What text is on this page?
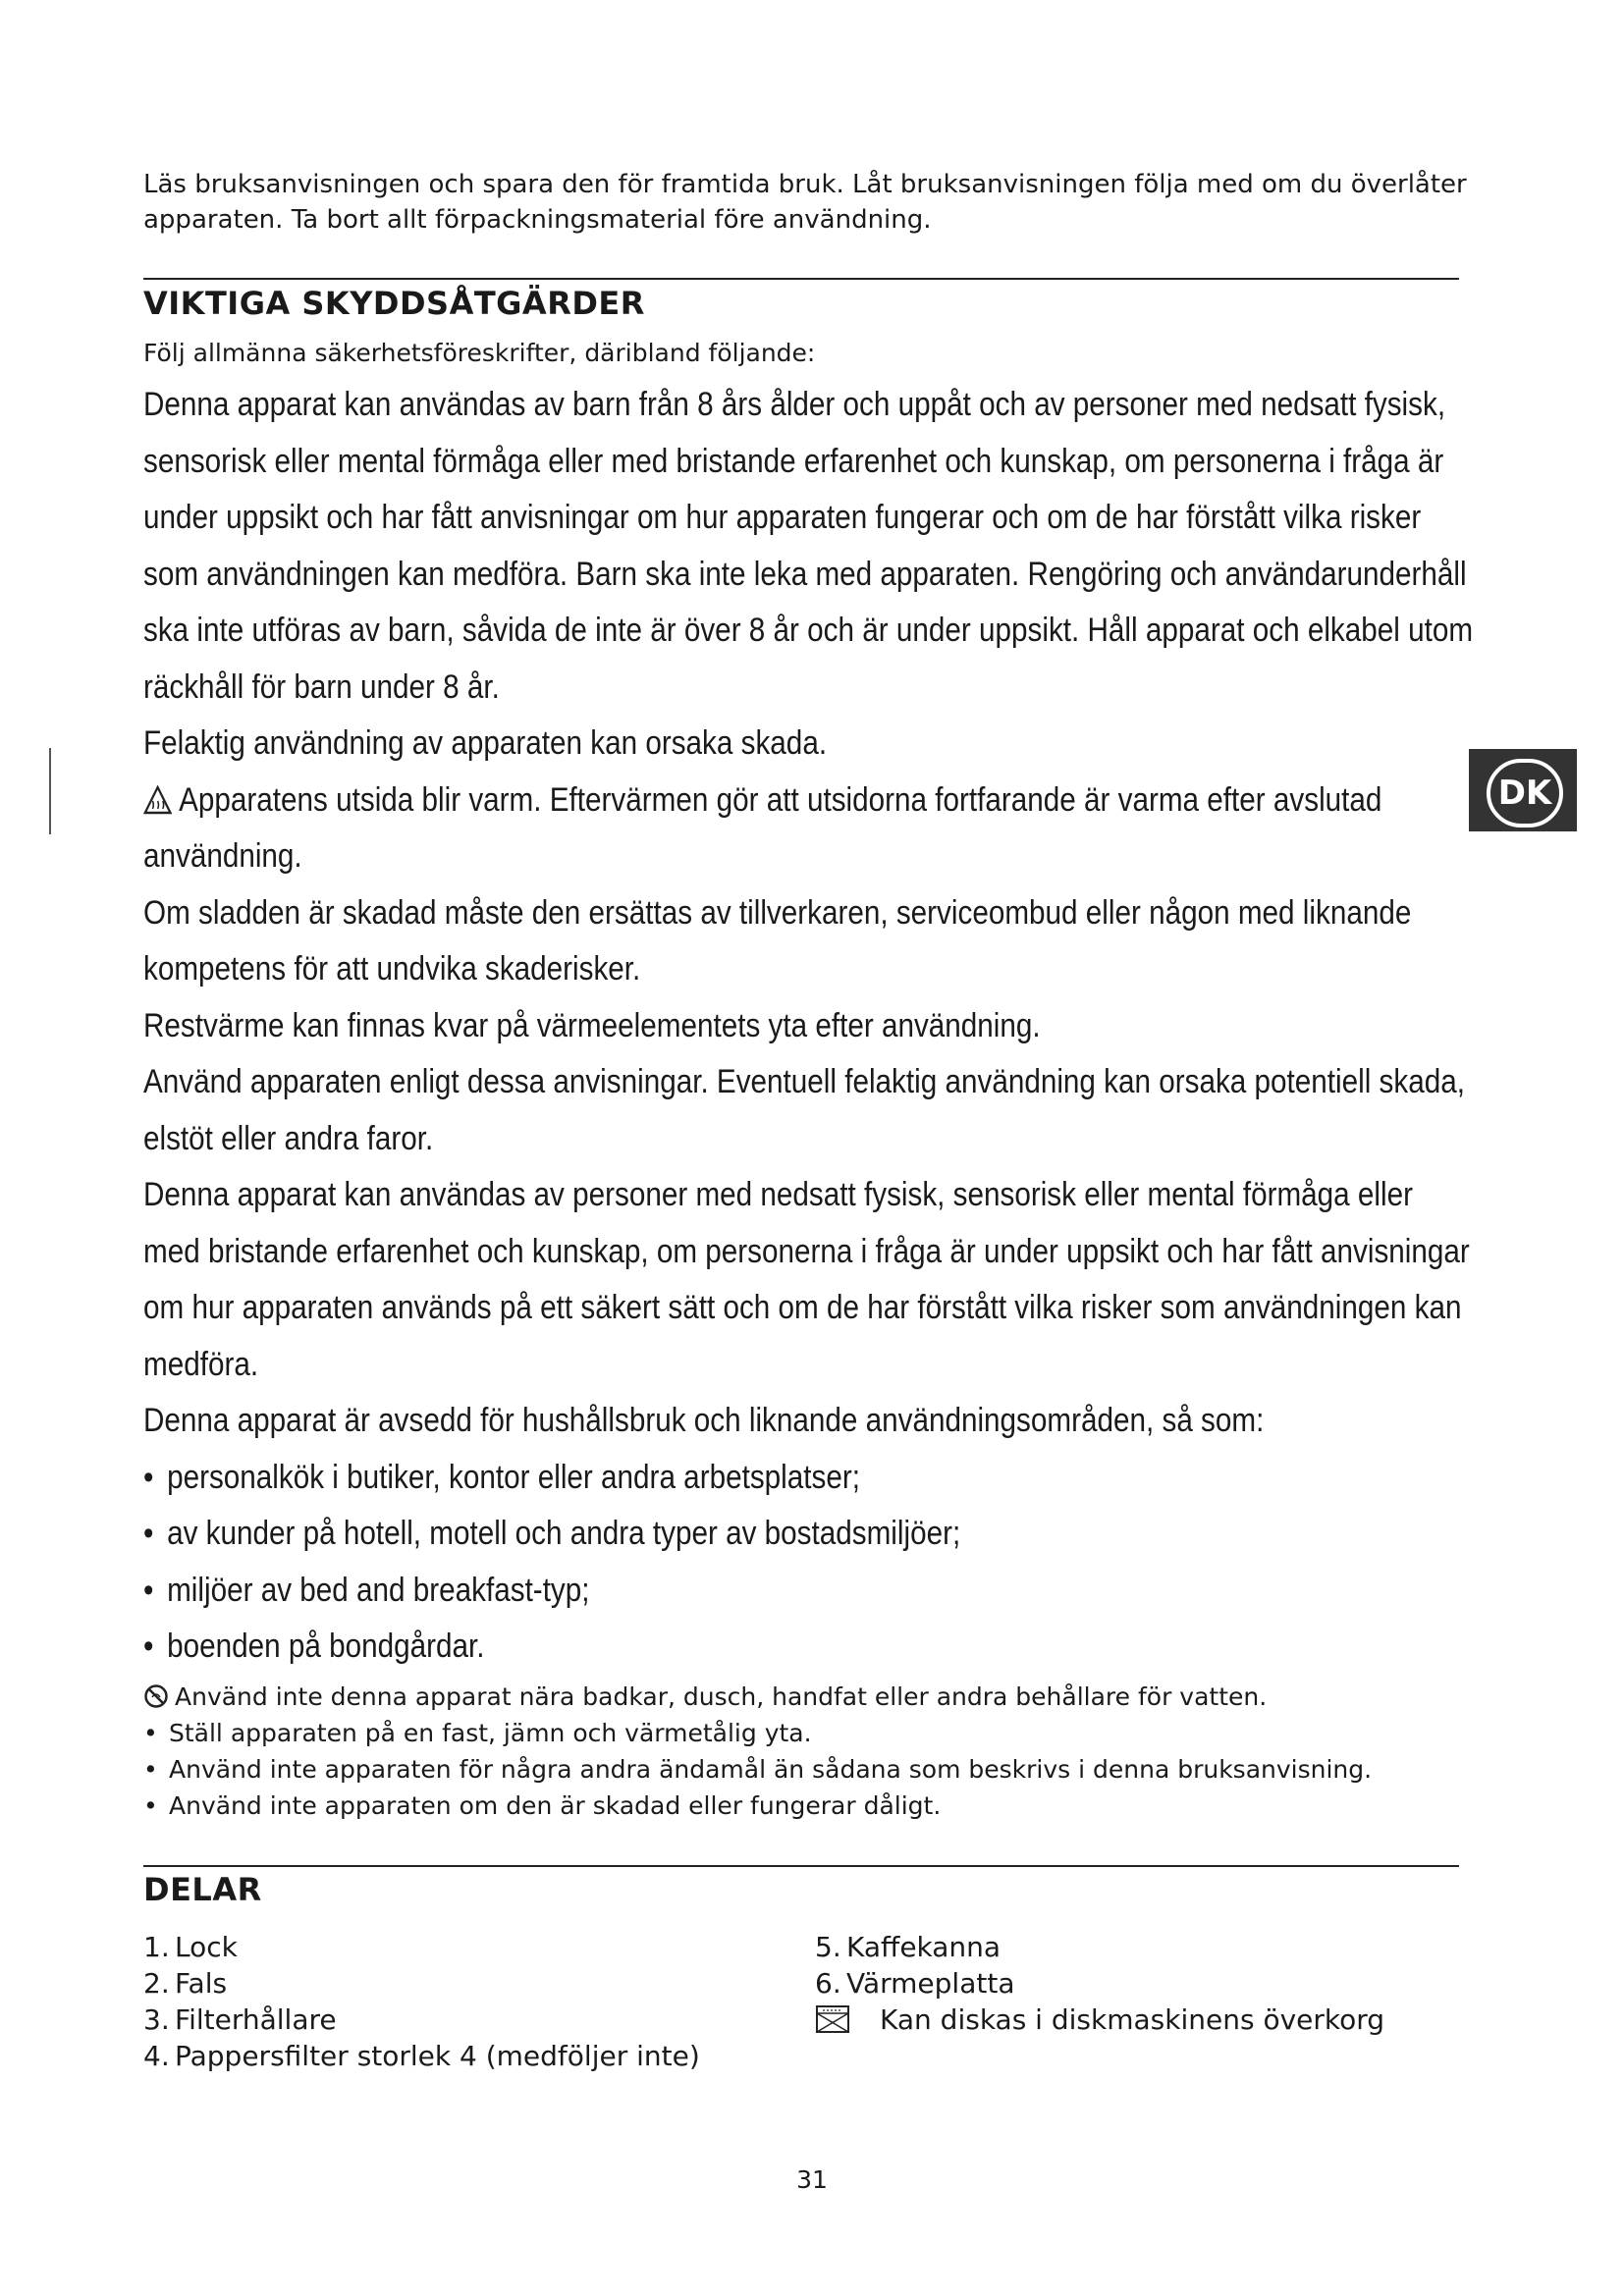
Läs bruksanvisningen och spara den för framtida bruk. Låt bruksanvisningen följa med om du överlåter
apparaten. Ta bort allt förpackningsmaterial före användning.
VIKTIGA SKYDDSÅTGÄRDER
Följ allmänna säkerhetsföreskrifter, däribland följande:

Denna apparat kan användas av barn från 8 års ålder och uppåt och av personer med nedsatt fysisk, sensorisk eller mental förmåga eller med bristande erfarenhet och kunskap, om personerna i fråga är under uppsikt och har fått anvisningar om hur apparaten fungerar och om de har förstått vilka risker som användningen kan medföra. Barn ska inte leka med apparaten. Rengöring och användarunderhåll ska inte utföras av barn, såvida de inte är över 8 år och är under uppsikt. Håll apparat och elkabel utom räckhåll för barn under 8 år.

Felaktig användning av apparaten kan orsaka skada.

Apparatens utsida blir varm. Eftervärmen gör att utsidorna fortfarande är varma efter avslutad användning.

Om sladden är skadad måste den ersättas av tillverkaren, serviceombud eller någon med liknande kompetens för att undvika skaderisker.

Restvärme kan finnas kvar på värmeelementets yta efter användning.

Använd apparaten enligt dessa anvisningar. Eventuell felaktig användning kan orsaka potentiell skada, elstöt eller andra faror.

Denna apparat kan användas av personer med nedsatt fysisk, sensorisk eller mental förmåga eller med bristande erfarenhet och kunskap, om personerna i fråga är under uppsikt och har fått anvisningar om hur apparaten används på ett säkert sätt och om de har förstått vilka risker som användningen kan medföra.

Denna apparat är avsedd för hushållsbruk och liknande användningsområden, så som:

• personalkök i butiker, kontor eller andra arbetsplatser;
• av kunder på hotell, motell och andra typer av bostadsmiljöer;
• miljöer av bed and breakfast-typ;
• boenden på bondgårdar.
Använd inte denna apparat nära badkar, dusch, handfat eller andra behållare för vatten.
• Ställ apparaten på en fast, jämn och värmetålig yta.
• Använd inte apparaten för några andra ändamål än sådana som beskrivs i denna bruksanvisning.
• Använd inte apparaten om den är skadad eller fungerar dåligt.
DELAR
1. Lock
2. Fals
3. Filterhållare
4. Pappersfilter storlek 4 (medföljer inte)
5. Kaffekanna
6. Värmeplatta
Kan diskas i diskmaskinens överkorg
DK
31
